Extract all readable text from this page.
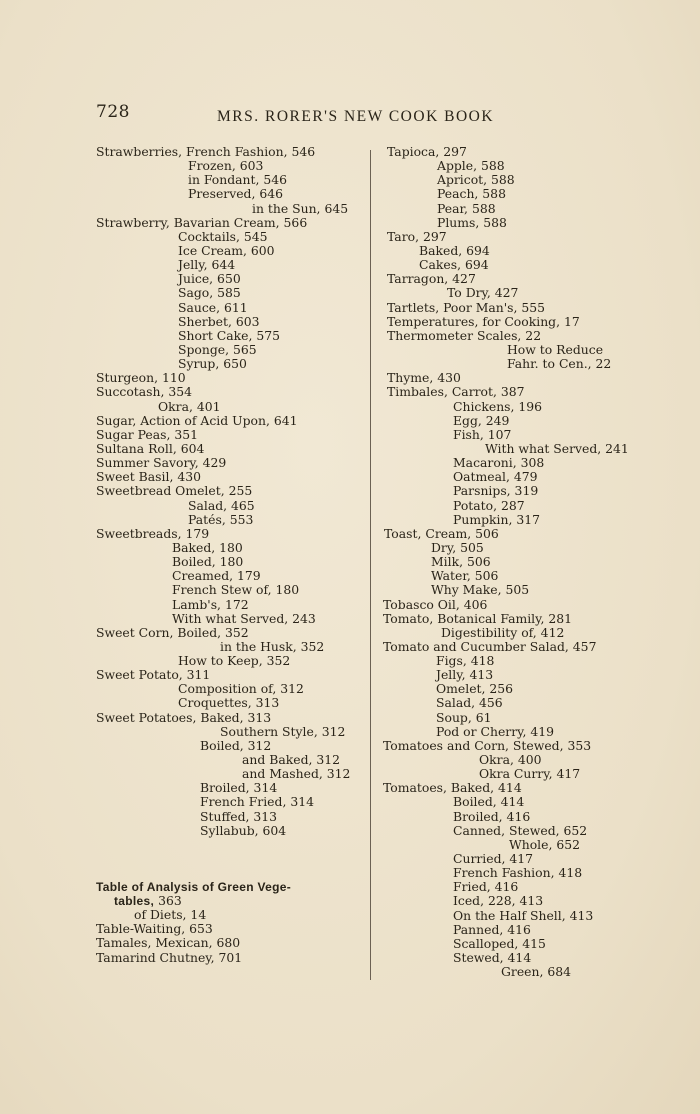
728	MRS. RORER'S NEW COOK BOOK
Strawberries, French Fashion, 546
Frozen, 603
in Fondant, 546
Preserved, 646
in the Sun, 645
Strawberry, Bavarian Cream, 566
Cocktails, 545
Ice Cream, 600
Jelly, 644
Juice, 650
Sago, 585
Sauce, 611
Sherbet, 603
Short Cake, 575
Sponge, 565
Syrup, 650
Sturgeon, 110
Succotash, 354
Okra, 401
Sugar, Action of Acid Upon, 641
Sugar Peas, 351
Sultana Roll, 604
Summer Savory, 429
Sweet Basil, 430
Sweetbread Omelet, 255
Salad, 465
Patés, 553
Sweetbreads, 179
Baked, 180
Boiled, 180
Creamed, 179
French Stew of, 180
Lamb's, 172
With what Served, 243
Sweet Corn, Boiled, 352
in the Husk, 352
How to Keep, 352
Sweet Potato, 311
Composition of, 312
Croquettes, 313
Sweet Potatoes, Baked, 313
Southern Style, 312
Boiled, 312
and Baked, 312
and Mashed, 312
Broiled, 314
French Fried, 314
Stuffed, 313
Syllabub, 604
Table of Analysis of Green Vege-
tables, 363
of Diets, 14
Table-Waiting, 653
Tamales, Mexican, 680
Tamarind Chutney, 701
Tapioca, 297
Apple, 588
Apricot, 588
Peach, 588
Pear, 588
Plums, 588
Taro, 297
Baked, 694
Cakes, 694
Tarragon, 427
To Dry, 427
Tartlets, Poor Man's, 555
Temperatures, for Cooking, 17
Thermometer Scales, 22
How to Reduce
Fahr. to Cen., 22
Thyme, 430
Timbales, Carrot, 387
Chickens, 196
Egg, 249
Fish, 107
With what Served, 241
Macaroni, 308
Oatmeal, 479
Parsnips, 319
Potato, 287
Pumpkin, 317
Toast, Cream, 506
Dry, 505
Milk, 506
Water, 506
Why Make, 505
Tobasco Oil, 406
Tomato, Botanical Family, 281
Digestibility of, 412
Tomato and Cucumber Salad, 457
Figs, 418
Jelly, 413
Omelet, 256
Salad, 456
Soup, 61
Pod or Cherry, 419
Tomatoes and Corn, Stewed, 353
Okra, 400
Okra Curry, 417
Tomatoes, Baked, 414
Boiled, 414
Broiled, 416
Canned, Stewed, 652
Whole, 652
Curried, 417
French Fashion, 418
Fried, 416
Iced, 228, 413
On the Half Shell, 413
Panned, 416
Scalloped, 415
Stewed, 414
Green, 684
